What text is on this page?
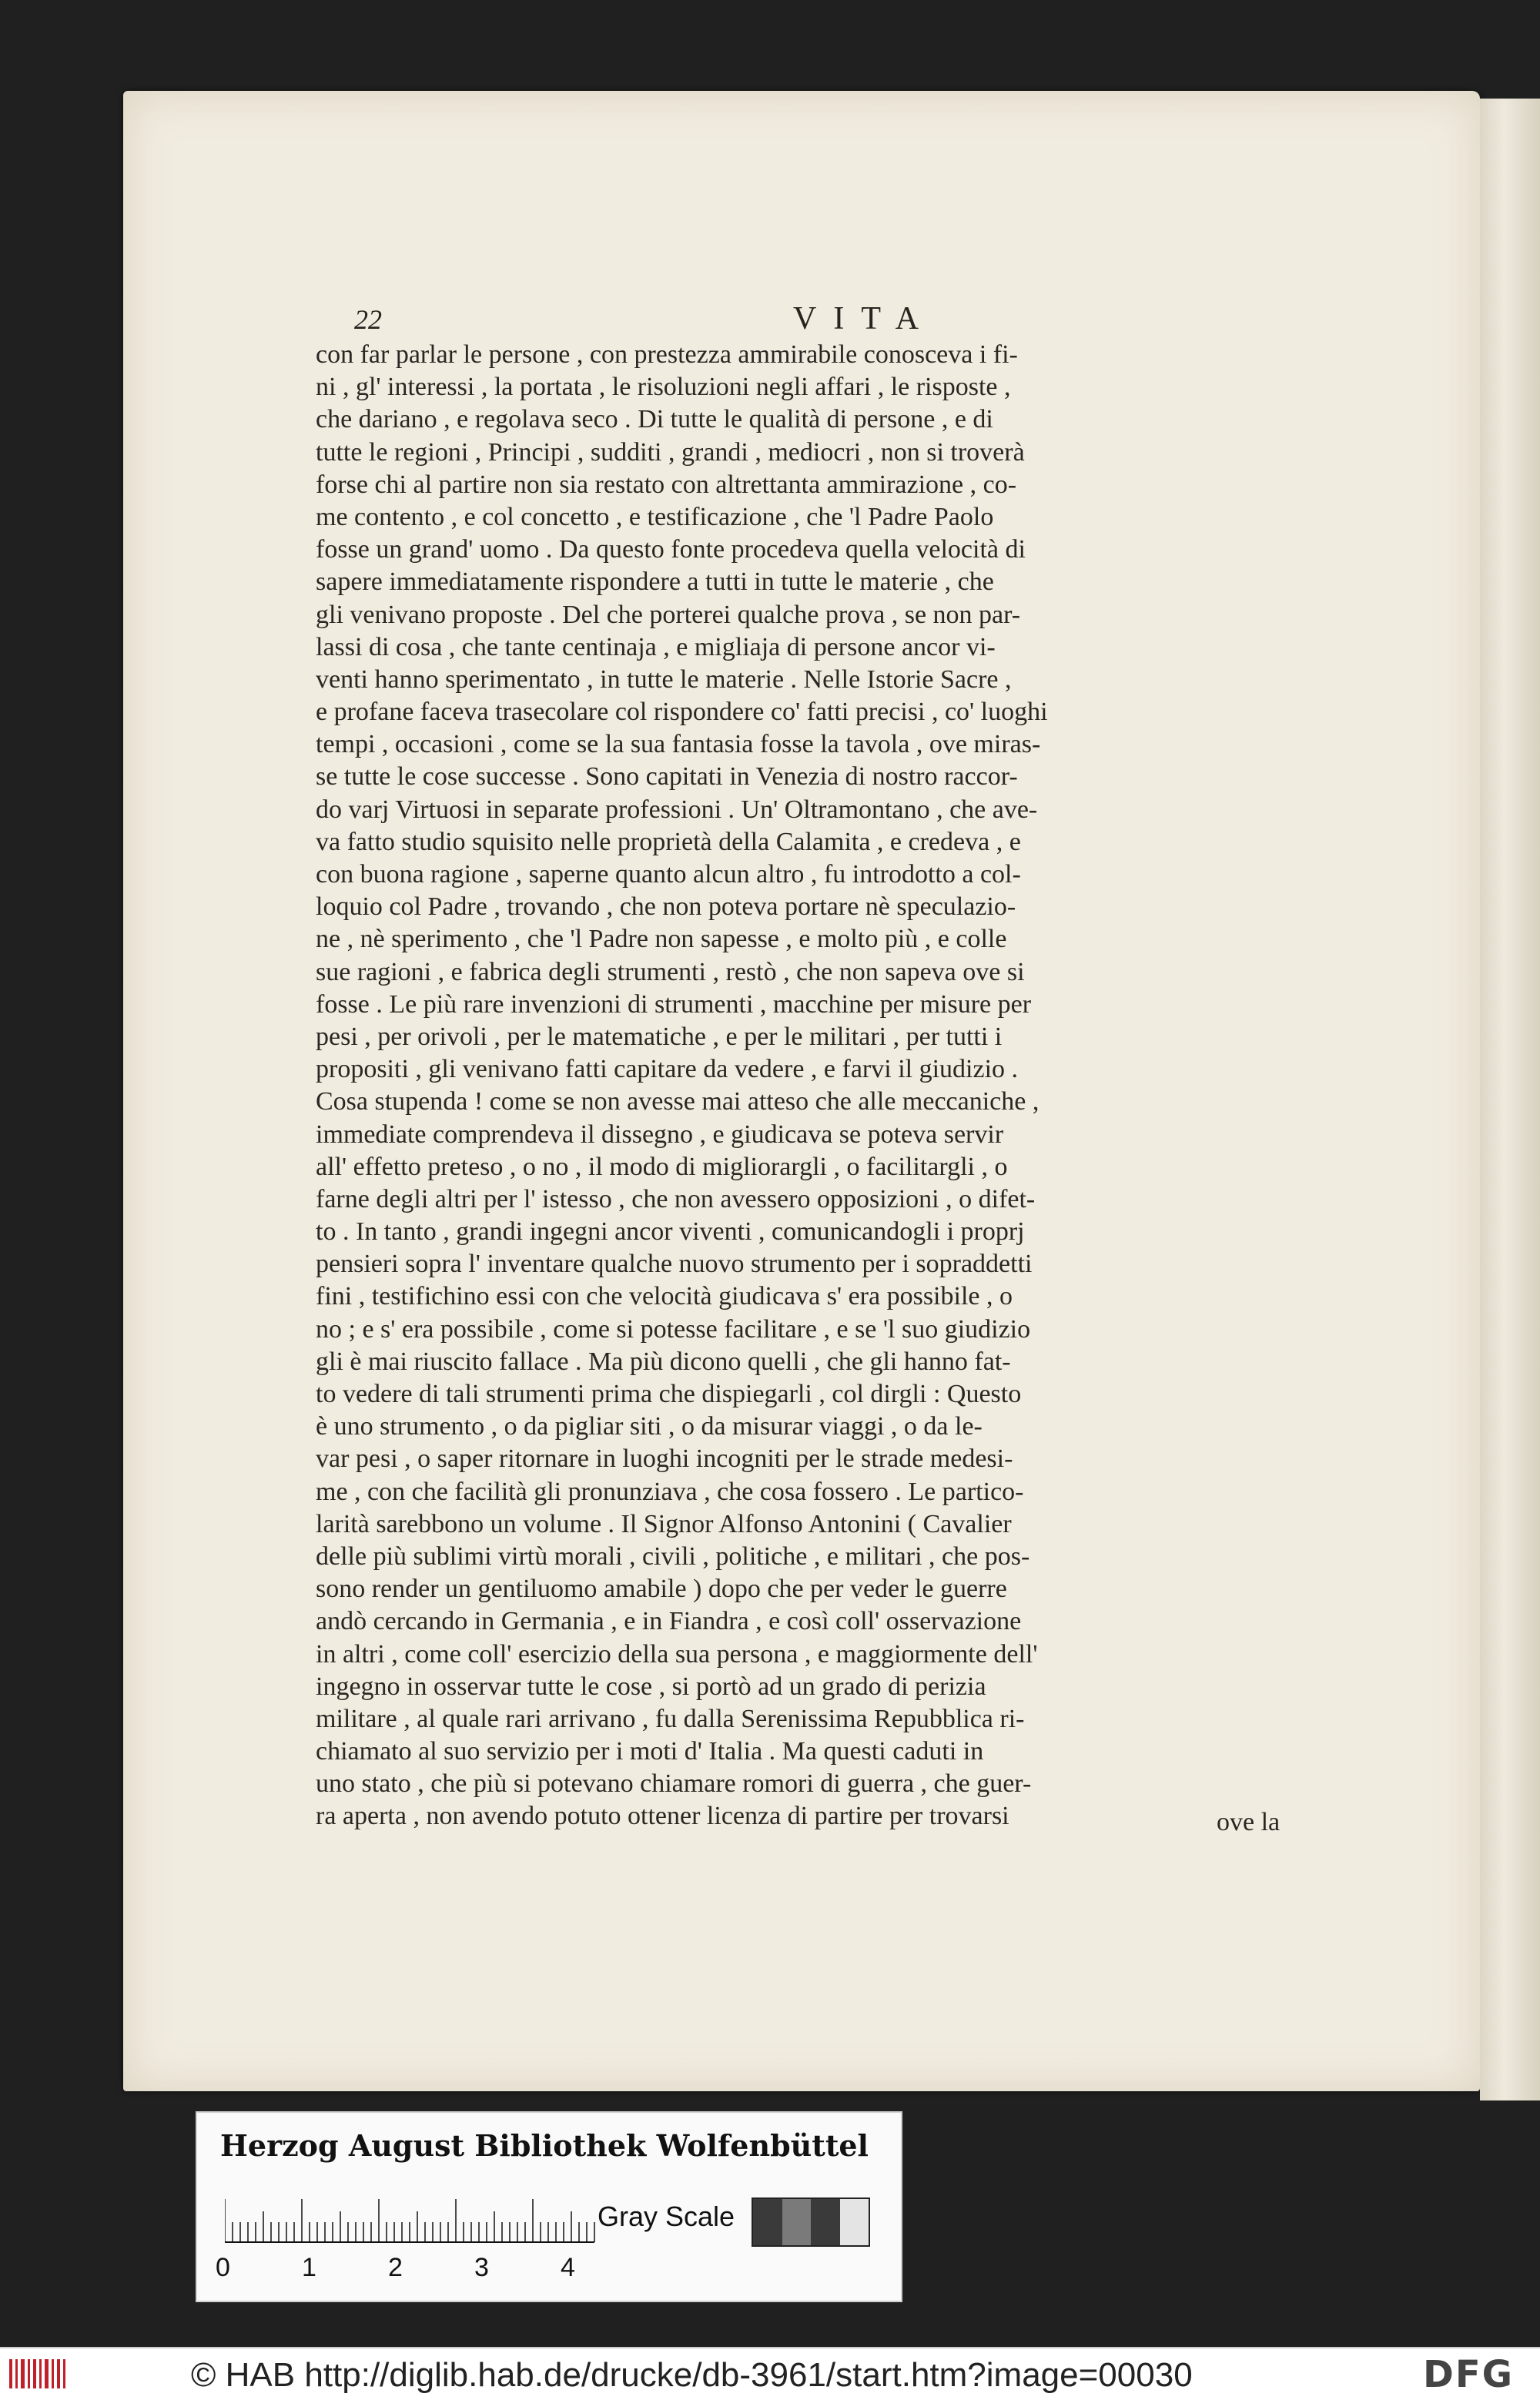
22	VITA
con far parlar le persone , con prestezza ammirabile conosceva i fi-
ni , gl' interessi , la portata , le risoluzioni negli affari , le risposte ,
che dariano , e regolava seco . Di tutte le qualità di persone , e di
tutte le regioni , Principi , sudditi , grandi , mediocri , non si troverà
forse chi al partire non sia restato con altrettanta ammirazione , co-
me contento , e col concetto , e testificazione , che 'l Padre Paolo
fosse un grand' uomo . Da questo fonte procedeva quella velocità di
sapere immediatamente rispondere a tutti in tutte le materie , che
gli venivano proposte . Del che porterei qualche prova , se non par-
lassi di cosa , che tante centinaja , e migliaja di persone ancor vi-
venti hanno sperimentato , in tutte le materie . Nelle Istorie Sacre ,
e profane faceva trasecolare col rispondere co' fatti precisi , co' luoghi
tempi , occasioni , come se la sua fantasia fosse la tavola , ove miras-
se tutte le cose successe . Sono capitati in Venezia di nostro raccor-
do varj Virtuosi in separate professioni . Un' Oltramontano , che ave-
va fatto studio squisito nelle proprietà della Calamita , e credeva , e
con buona ragione , saperne quanto alcun altro , fu introdotto a col-
loquio col Padre , trovando , che non poteva portare nè speculazio-
ne , nè sperimento , che 'l Padre non sapesse , e molto più , e colle
sue ragioni , e fabrica degli strumenti , restò , che non sapeva ove si
fosse . Le più rare invenzioni di strumenti , macchine per misure per
pesi , per orivoli , per le matematiche , e per le militari , per tutti i
propositi , gli venivano fatti capitare da vedere , e farvi il giudizio .
Cosa stupenda ! come se non avesse mai atteso che alle meccaniche ,
immediate comprendeva il dissegno , e giudicava se poteva servir
all' effetto preteso , o no , il modo di migliorargli , o facilitargli , o
farne degli altri per l' istesso , che non avessero opposizioni , o difet-
to . In tanto , grandi ingegni ancor viventi , comunicandogli i proprj
pensieri sopra l' inventare qualche nuovo strumento per i sopraddetti
fini , testifichino essi con che velocità giudicava s' era possibile , o
no ; e s' era possibile , come si potesse facilitare , e se 'l suo giudizio
gli è mai riuscito fallace . Ma più dicono quelli , che gli hanno fat-
to vedere di tali strumenti prima che dispiegarli , col dirgli : Questo
è uno strumento , o da pigliar siti , o da misurar viaggi , o da le-
var pesi , o saper ritornare in luoghi incogniti per le strade medesi-
me , con che facilità gli pronunziava , che cosa fossero . Le partico-
larità sarebbono un volume . Il Signor Alfonso Antonini ( Cavalier
delle più sublimi virtù morali , civili , politiche , e militari , che pos-
sono render un gentiluomo amabile ) dopo che per veder le guerre
andò cercando in Germania , e in Fiandra , e così coll' osservazione
in altri , come coll' esercizio della sua persona , e maggiormente dell'
ingegno in osservar tutte le cose , si portò ad un grado di perizia
militare , al quale rari arrivano , fu dalla Serenissima Repubblica ri-
chiamato al suo servizio per i moti d' Italia . Ma questi caduti in
uno stato , che più si potevano chiamare romori di guerra , che guer-
ra aperta , non avendo potuto ottener licenza di partire per trovarsi	ove la
Herzog August Bibliothek Wolfenbüttel
0	1	2	3	4
Gray Scale
© HAB http://diglib.hab.de/drucke/db-3961/start.htm?image=00030	DFG
